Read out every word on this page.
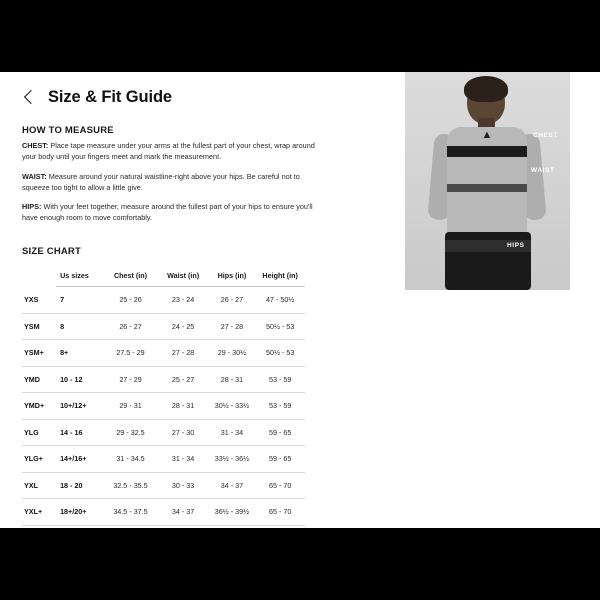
Size & Fit Guide
HOW TO MEASURE
CHEST: Place tape measure under your arms at the fullest part of your chest, wrap around your body until your fingers meet and mark the measurement.
WAIST: Measure around your natural waistline-right above your hips. Be careful not to squeeze too tight to allow a little give.
HIPS: With your feet together, measure around the fullest part of your hips to ensure you'll have enough room to move comfortably.
SIZE CHART
	Us sizes	Chest (in)	Waist (in)	Hips (in)	Height (in)
YXS	7	25 - 26	23 - 24	26 - 27	47 - 50½
YSM	8	26 - 27	24 - 25	27 - 28	50½ - 53
YSM+	8+	27.5 - 29	27 - 28	29 - 30½	50½ - 53
YMD	10 - 12	27 - 29	25 - 27	28 - 31	53 - 59
YMD+	10+/12+	29 - 31	28 - 31	30½ - 33½	53 - 59
YLG	14 - 16	29 - 32.5	27 - 30	31 - 34	59 - 65
YLG+	14+/16+	31 - 34.5	31 - 34	33½ - 36½	59 - 65
YXL	18 - 20	32.5 - 35.5	30 - 33	34 - 37	65 - 70
YXL+	18+/20+	34.5 - 37.5	34 - 37	36½ - 39½	65 - 70
▲	CHEST
WAIST
HIPS
